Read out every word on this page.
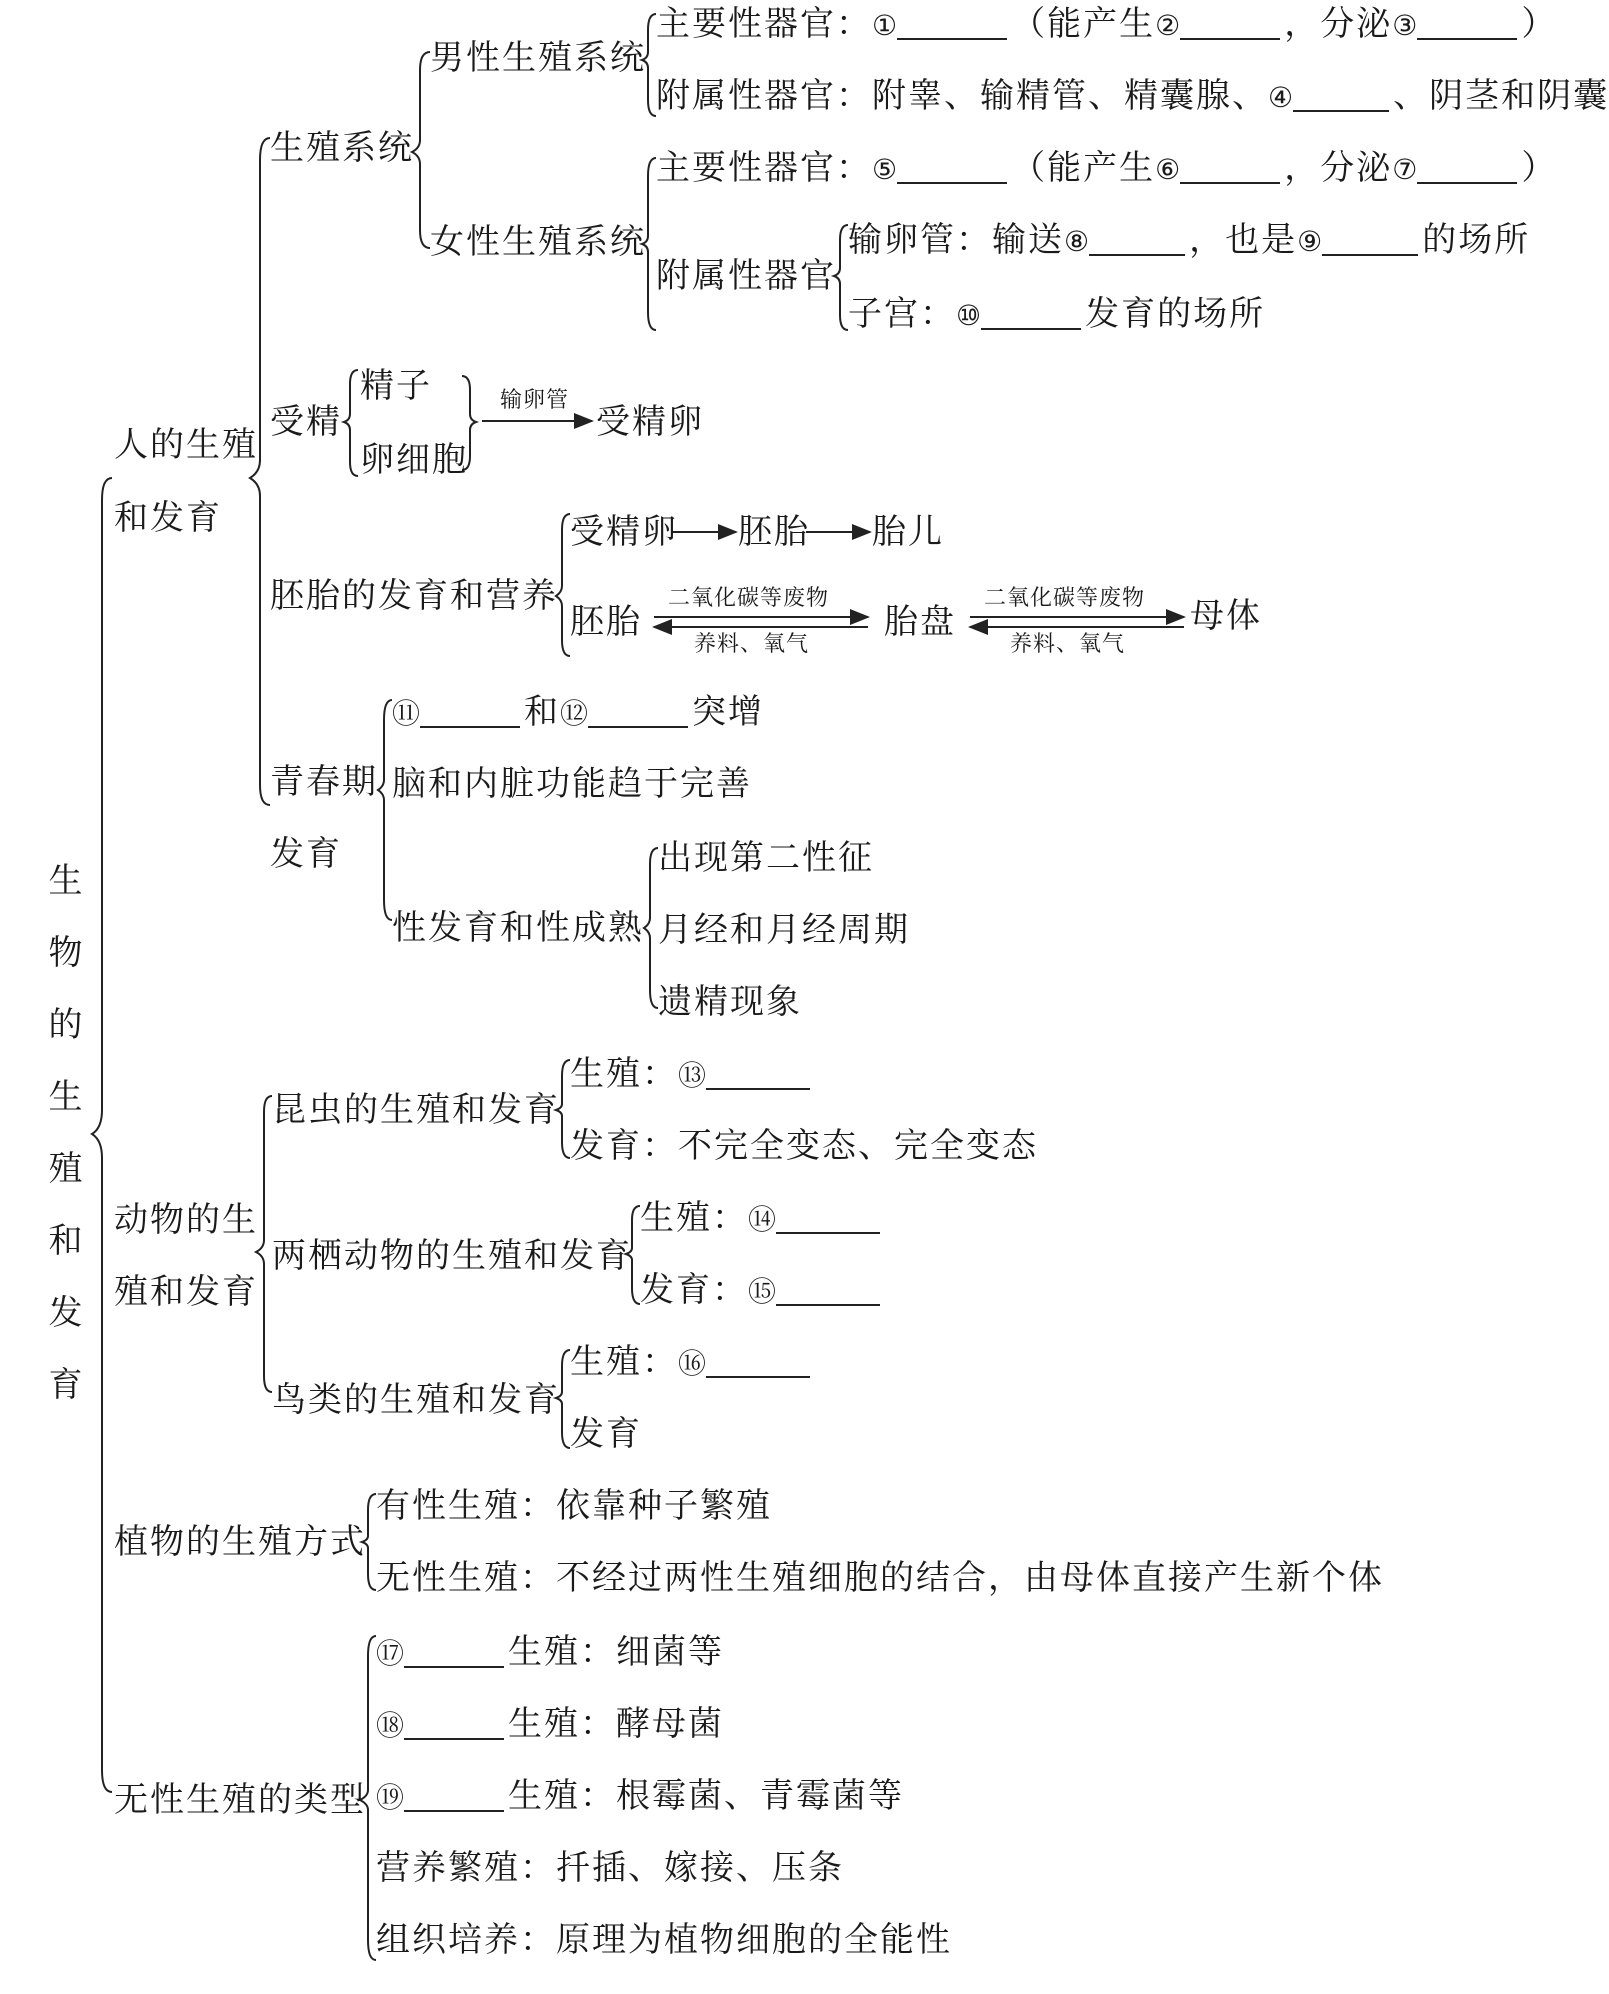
生物的生殖和发育
人的生殖
和发育
生殖系统
男性生殖系统
主要性器官：①	（能产生②	，分泌③	）
附属性器官：附睾、输精管、精囊腺、④	、阴茎和阴囊
女性生殖系统
主要性器官：⑤	（能产生⑥	，分泌⑦	）
附属性器官
输卵管：输送⑧	，也是⑨	的场所
子宫：⑩	发育的场所
受精
精子
卵细胞
输卵管
受精卵
胚胎的发育和营养
受精卵 胚胎 胎儿
胚胎
二氧化碳等废物
养料、氧气
胎盘
二氧化碳等废物
养料、氧气
母体
青春期
发育
⑪	和⑫	突增
脑和内脏功能趋于完善
性发育和性成熟
出现第二性征
月经和月经周期
遗精现象
动物的生
殖和发育
昆虫的生殖和发育
生殖：⑬
发育：不完全变态、完全变态
两栖动物的生殖和发育
生殖：⑭
发育：⑮
鸟类的生殖和发育
生殖：⑯
发育
植物的生殖方式
有性生殖：依靠种子繁殖
无性生殖：不经过两性生殖细胞的结合，由母体直接产生新个体
无性生殖的类型
⑰	生殖：细菌等
⑱	生殖：酵母菌
⑲	生殖：根霉菌、青霉菌等
营养繁殖：扦插、嫁接、压条
组织培养：原理为植物细胞的全能性
